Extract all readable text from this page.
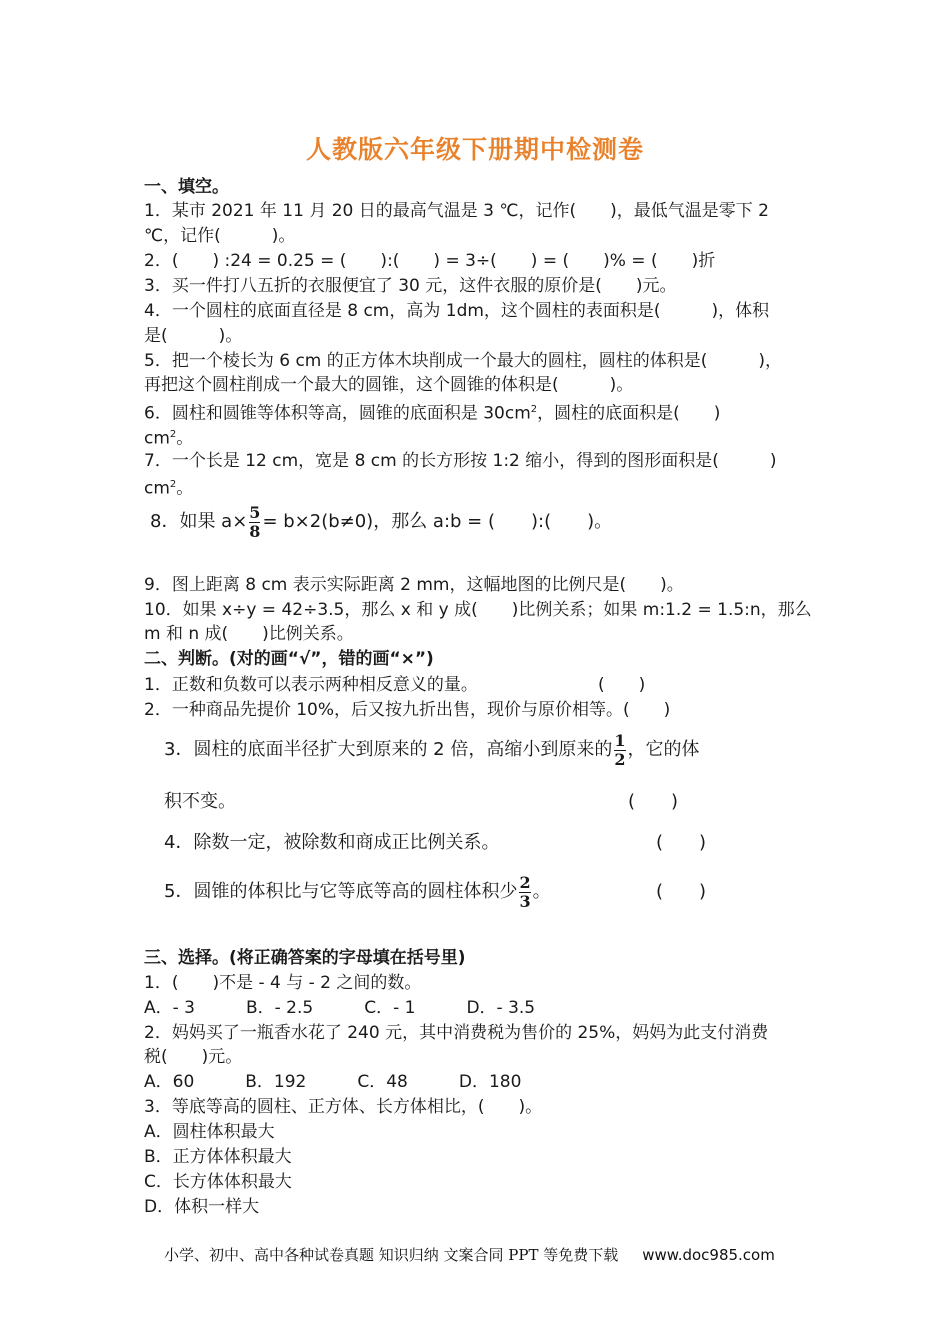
人教版六年级下册期中检测卷
一、填空。
1．某市 2021 年 11 月 20 日的最高气温是 3 ℃，记作(　　)，最低气温是零下 2
℃，记作(　　　)。
2．(　　) :24 = 0.25 = (　　):(　　) = 3÷(　　) = (　　)% = (　　)折
3．买一件打八五折的衣服便宜了 30 元，这件衣服的原价是(　　)元。
4．一个圆柱的底面直径是 8 cm，高为 1dm，这个圆柱的表面积是(　　　)，体积
是(　　　)。
5．把一个棱长为 6 cm 的正方体木块削成一个最大的圆柱，圆柱的体积是(　　　)，
再把这个圆柱削成一个最大的圆锥，这个圆锥的体积是(　　　)。
6．圆柱和圆锥等体积等高，圆锥的底面积是 $30cm^2$，圆柱的底面积是(　　)
$cm^2$。
7．一个长是 12 cm，宽是 8 cm 的长方形按 1:2 缩小，得到的图形面积是(　　　)
$cm^2$。
8．如果 $a\times \frac{5}{8} = b\times 2(b\ne 0)$，那么 a:b = (　　):(　　)。
9．图上距离 8 cm 表示实际距离 2 mm，这幅地图的比例尺是(　　)。
10．如果 x÷y = 42÷3.5，那么 x 和 y 成(　　)比例关系；如果 m:1.2 = 1.5:n，那么
m 和 n 成(　　)比例关系。
二、判断。(对的画“√”，错的画“×”)
1．正数和负数可以表示两种相反意义的量。	(　　)
2．一种商品先提价 10%，后又按九折出售，现价与原价相等。(　　)
3．圆柱的底面半径扩大到原来的 2 倍，高缩小到原来的 $\frac{1}{2}$ ，它的体
积不变。	(　　)
4．除数一定，被除数和商成正比例关系。	(　　)
5．圆锥的体积比与它等底等高的圆柱体积少 $\frac{2}{3}$ 。	(　　)
三、选择。(将正确答案的字母填在括号里)
1．(　　)不是 - 4 与 - 2 之间的数。
A．- 3　　　B．- 2.5　　　C．- 1　　　D．- 3.5
2．妈妈买了一瓶香水花了 240 元，其中消费税为售价的 25%，妈妈为此支付消费
税(　　)元。
A．60　　　B．192　　　C．48　　　D．180
3．等底等高的圆柱、正方体、长方体相比，(　　)。
A．圆柱体积最大
B．正方体体积最大
C．长方体体积最大
D．体积一样大
小学、初中、高中各种试卷真题 知识归纳 文案合同 PPT 等免费下载 www.doc985.com
